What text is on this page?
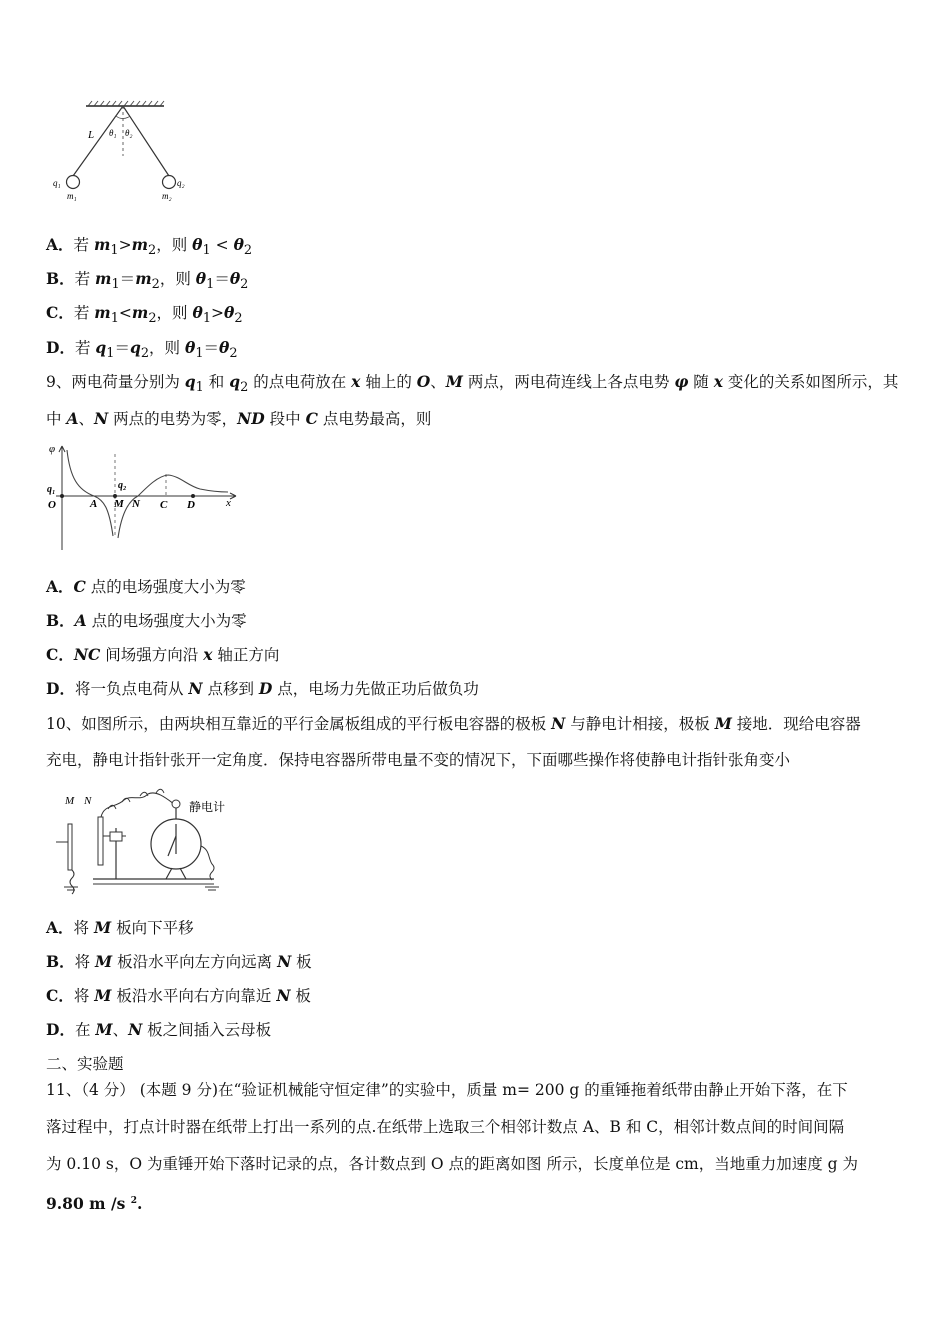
L θ₁ θ₂
q₁	q₂
m₁	m₂
A．若 $m_1>m_2$，则 $\theta_1 < \theta_2$
B．若 $m_1=m_2$，则 $\theta_1=\theta_2$
C．若 $m_1<m_2$，则 $\theta_1>\theta_2$
D．若 $q_1=q_2$，则 $\theta_1=\theta_2$
9、两电荷量分别为 $q_1$ 和 $q_2$ 的点电荷放在 x 轴上的 O、M 两点，两电荷连线上各点电势 φ 随 x 变化的关系如图所示，其
中 A、N 两点的电势为零，ND 段中 C 点电势最高，则
φ
q₁	q₂
O	A M N C D	x
A．C 点的电场强度大小为零
B．A 点的电场强度大小为零
C．NC 间场强方向沿 x 轴正方向
D．将一负点电荷从 N 点移到 D 点，电场力先做正功后做负功
10、如图所示，由两块相互靠近的平行金属板组成的平行板电容器的极板 N 与静电计相接，极板 M 接地．现给电容器
充电，静电计指针张开一定角度．保持电容器所带电量不变的情况下，下面哪些操作将使静电计指针张角变小
M N	静电计
A．将 M 板向下平移
B．将 M 板沿水平向左方向远离 N 板
C．将 M 板沿水平向右方向靠近 N 板
D．在 M、N 板之间插入云母板
二、实验题
11、（4 分） (本题 9 分)在“验证机械能守恒定律”的实验中，质量 m= 200 g 的重锤拖着纸带由静止开始下落，在下
落过程中，打点计时器在纸带上打出一系列的点.在纸带上选取三个相邻计数点 A、B 和 C，相邻计数点间的时间间隔
为 0.10 s，O 为重锤开始下落时记录的点，各计数点到 O 点的距离如图 所示，长度单位是 cm，当地重力加速度 g 为
9.80 m /s $^2$.
